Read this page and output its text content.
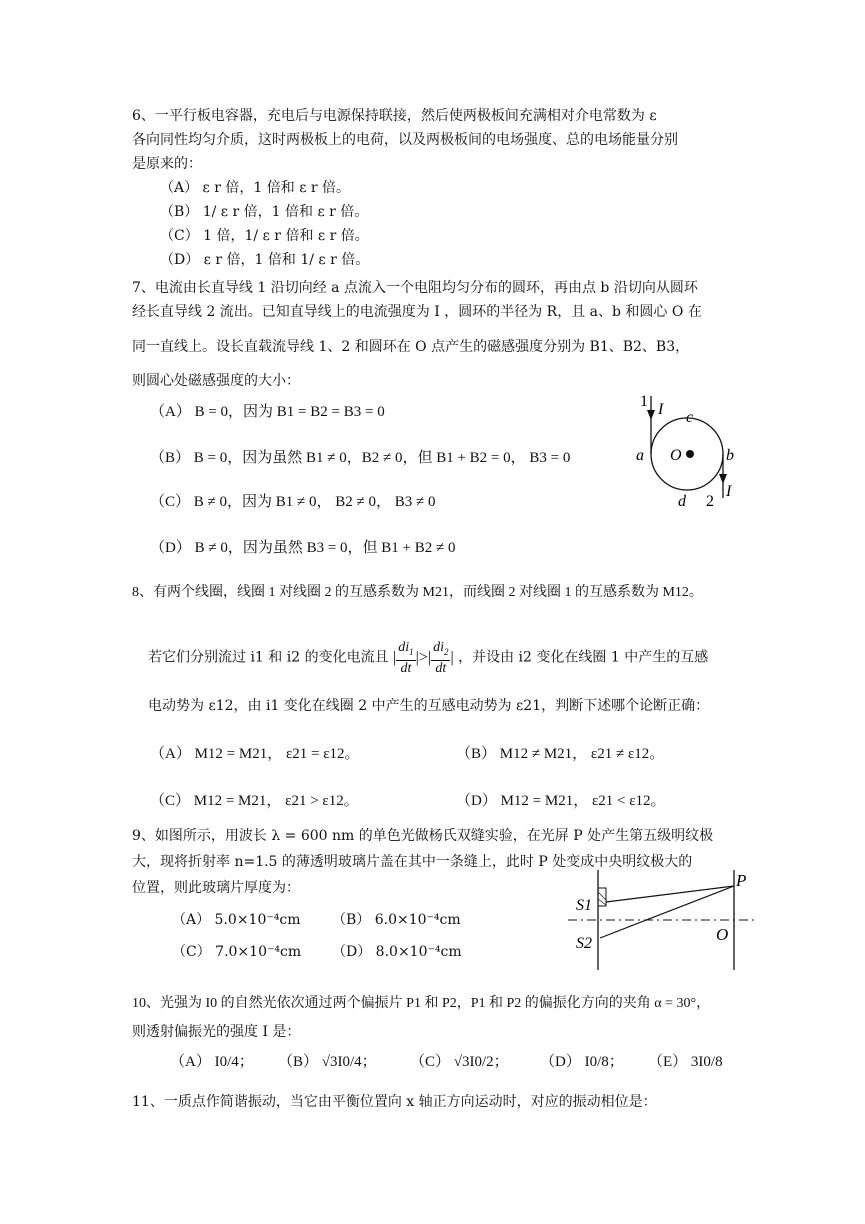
6、一平行板电容器，充电后与电源保持联接，然后使两极板间充满相对介电常数为 ε
各向同性均匀介质，这时两极板上的电荷，以及两极板间的电场强度、总的电场能量分别
是原来的：
（A） ε r 倍，1 倍和 ε r 倍。
（B） 1/ ε r 倍，1 倍和 ε r 倍。
（C） 1 倍，1/ ε r 倍和 ε r 倍。
（D） ε r 倍，1 倍和 1/ ε r 倍。
7、电流由长直导线 1 沿切向经 a 点流入一个电阻均匀分布的圆环，再由点 b 沿切向从圆环
经长直导线 2 流出。已知直导线上的电流强度为 I ，圆环的半径为 R，且 a、b 和圆心 O 在
同一直线上。设长直载流导线 1、2 和圆环在 O 点产生的磁感强度分别为 B1、B2、B3，
则圆心处磁感强度的大小：
（A） B = 0，因为 B1 = B2 = B3 = 0
（B） B = 0，因为虽然 B1 ≠ 0，B2 ≠ 0，但 B1 + B2 = 0， B3 = 0
（C） B ≠ 0，因为 B1 ≠ 0， B2 ≠ 0， B3 ≠ 0
（D） B ≠ 0，因为虽然 B3 = 0，但 B1 + B2 ≠ 0
1 I c
a O	b
I
d 2
8、有两个线圈，线圈 1 对线圈 2 的互感系数为 M21，而线圈 2 对线圈 1 的互感系数为 M12。
若它们分别流过 i1 和 i2 的变化电流且 | $\frac{di_1}{dt}$ |>| $\frac{di_2}{dt}$ | ，并设由 i2 变化在线圈 1 中产生的互感
电动势为 ε12，由 i1 变化在线圈 2 中产生的互感电动势为 ε21，判断下述哪个论断正确：
（A） M12 = M21， ε21 = ε12。	（B） M12 ≠ M21， ε21 ≠ ε12。
（C） M12 = M21， ε21 > ε12。	（D） M12 = M21， ε21 < ε12。
9、如图所示，用波长 λ = 600 nm 的单色光做杨氏双缝实验，在光屏 P 处产生第五级明纹极
大，现将折射率 n=1.5 的薄透明玻璃片盖在其中一条缝上，此时 P 处变成中央明纹极大的
位置，则此玻璃片厚度为：
（A） 5.0×10⁻⁴cm （B） 6.0×10⁻⁴cm
（C） 7.0×10⁻⁴cm （D） 8.0×10⁻⁴cm
P
S1
S2	O
10、光强为 I0 的自然光依次通过两个偏振片 P1 和 P2，P1 和 P2 的偏振化方向的夹角 α = 30°，
则透射偏振光的强度 I 是：
（A） I0/4； （B） √3I0/4； （C） √3I0/2； （D） I0/8； （E） 3I0/8
11、一质点作简谐振动，当它由平衡位置向 x 轴正方向运动时，对应的振动相位是：
